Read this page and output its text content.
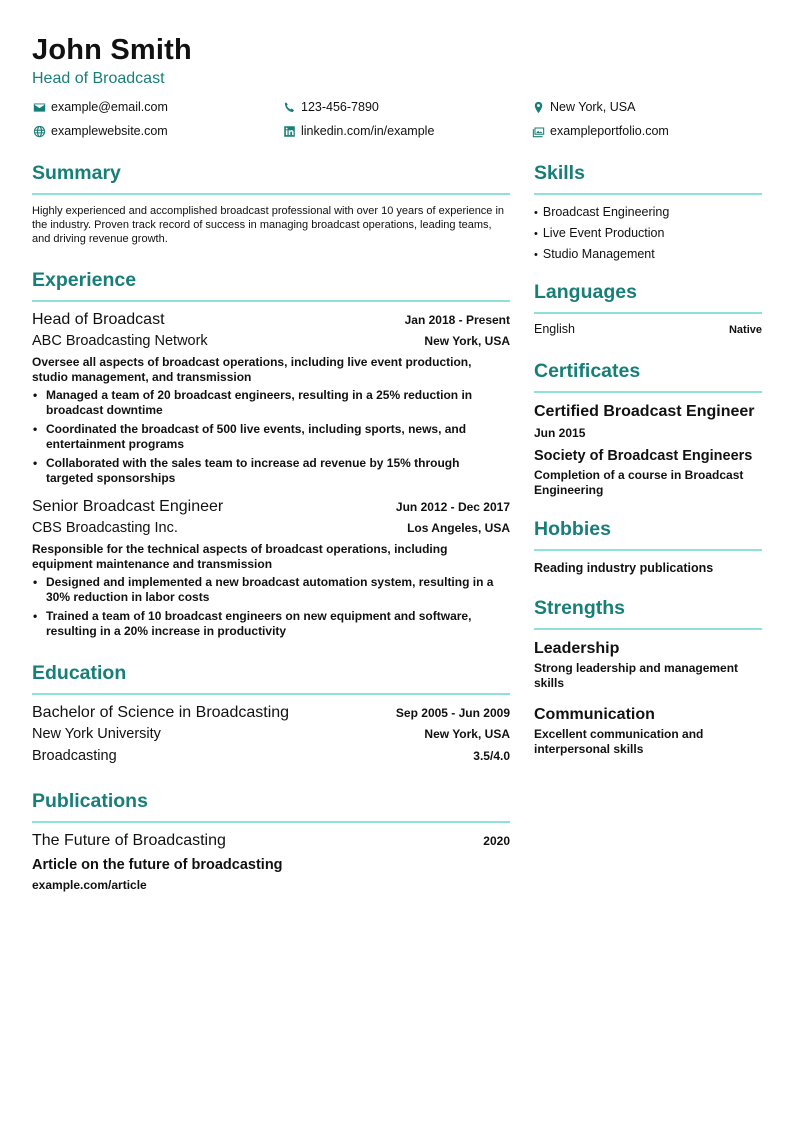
John Smith
Head of Broadcast
example@email.com	123-456-7890	New York, USA
examplewebsite.com	linkedin.com/in/example	exampleportfolio.com
Summary
Highly experienced and accomplished broadcast professional with over 10 years of experience in the industry. Proven track record of success in managing broadcast operations, leading teams, and driving revenue growth.
Experience
Head of Broadcast	Jan 2018 - Present
ABC Broadcasting Network	New York, USA
Oversee all aspects of broadcast operations, including live event production, studio management, and transmission
• Managed a team of 20 broadcast engineers, resulting in a 25% reduction in broadcast downtime
• Coordinated the broadcast of 500 live events, including sports, news, and entertainment programs
• Collaborated with the sales team to increase ad revenue by 15% through targeted sponsorships
Senior Broadcast Engineer	Jun 2012 - Dec 2017
CBS Broadcasting Inc.	Los Angeles, USA
Responsible for the technical aspects of broadcast operations, including equipment maintenance and transmission
• Designed and implemented a new broadcast automation system, resulting in a 30% reduction in labor costs
• Trained a team of 10 broadcast engineers on new equipment and software, resulting in a 20% increase in productivity
Education
Bachelor of Science in Broadcasting	Sep 2005 - Jun 2009
New York University	New York, USA
Broadcasting	3.5/4.0
Publications
The Future of Broadcasting	2020
Article on the future of broadcasting
example.com/article
Skills
• Broadcast Engineering
• Live Event Production
• Studio Management
Languages
English	Native
Certificates
Certified Broadcast Engineer
Jun 2015
Society of Broadcast Engineers
Completion of a course in Broadcast Engineering
Hobbies
Reading industry publications
Strengths
Leadership
Strong leadership and management skills
Communication
Excellent communication and interpersonal skills
